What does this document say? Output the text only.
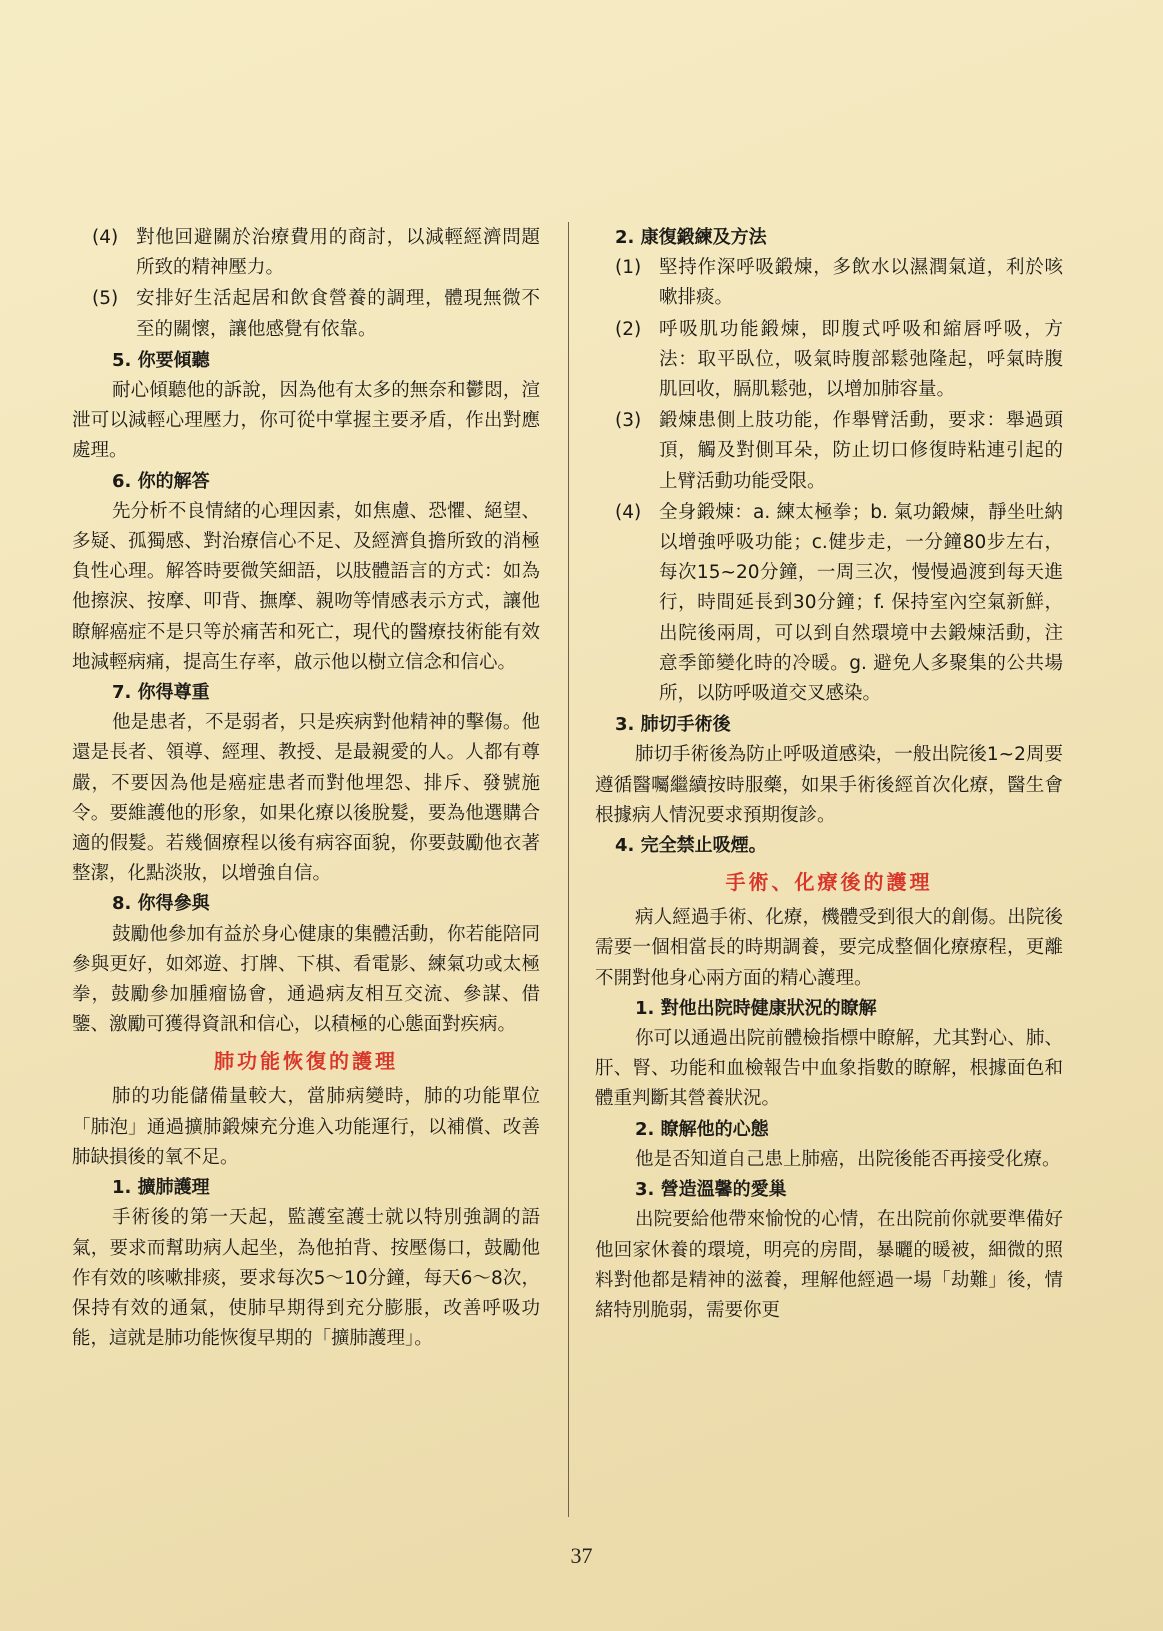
(4) 對他回避關於治療費用的商討，以減輕經濟問題所致的精神壓力。
(5) 安排好生活起居和飲食營養的調理，體現無微不至的關懷，讓他感覺有依靠。

5. 你要傾聽

耐心傾聽他的訴說，因為他有太多的無奈和鬱悶，渲泄可以減輕心理壓力，你可從中掌握主要矛盾，作出對應處理。

6. 你的解答

先分析不良情緒的心理因素，如焦慮、恐懼、絕望、多疑、孤獨感、對治療信心不足、及經濟負擔所致的消極負性心理。解答時要微笑細語，以肢體語言的方式：如為他擦淚、按摩、叩背、撫摩、親吻等情感表示方式，讓他瞭解癌症不是只等於痛苦和死亡，現代的醫療技術能有效地減輕病痛，提高生存率，啟示他以樹立信念和信心。

7. 你得尊重

他是患者，不是弱者，只是疾病對他精神的擊傷。他還是長者、領導、經理、教授、是最親愛的人。人都有尊嚴，不要因為他是癌症患者而對他埋怨、排斥、發號施令。要維護他的形象，如果化療以後脫髮，要為他選購合適的假髮。若幾個療程以後有病容面貌，你要鼓勵他衣著整潔，化點淡妝，以增強自信。

8. 你得參與

鼓勵他參加有益於身心健康的集體活動，你若能陪同參與更好，如郊遊、打牌、下棋、看電影、練氣功或太極拳，鼓勵參加腫瘤協會，通過病友相互交流、參謀、借鑒、激勵可獲得資訊和信心，以積極的心態面對疾病。

肺功能恢復的護理

肺的功能儲備量較大，當肺病變時，肺的功能單位「肺泡」通過擴肺鍛煉充分進入功能運行，以補償、改善肺缺損後的氧不足。

1. 擴肺護理

手術後的第一天起，監護室護士就以特別強調的語氣，要求而幫助病人起坐，為他拍背、按壓傷口，鼓勵他作有效的咳嗽排痰，要求每次5～10分鐘，每天6～8次，保持有效的通氣，使肺早期得到充分膨脹，改善呼吸功能，這就是肺功能恢復早期的「擴肺護理」。

2. 康復鍛練及方法

(1) 堅持作深呼吸鍛煉，多飲水以濕潤氣道，利於咳嗽排痰。
(2) 呼吸肌功能鍛煉，即腹式呼吸和縮唇呼吸，方法：取平臥位，吸氣時腹部鬆弛隆起，呼氣時腹肌回收，膈肌鬆弛，以增加肺容量。
(3) 鍛煉患側上肢功能，作舉臂活動，要求：舉過頭頂，觸及對側耳朵，防止切口修復時粘連引起的上臂活動功能受限。
(4) 全身鍛煉：a. 練太極拳；b. 氣功鍛煉，靜坐吐納以增強呼吸功能；c.健步走，一分鐘80步左右，每次15~20分鐘，一周三次，慢慢過渡到每天進行，時間延長到30分鐘；f. 保持室內空氣新鮮，出院後兩周，可以到自然環境中去鍛煉活動，注意季節變化時的冷暖。g. 避免人多聚集的公共場所，以防呼吸道交叉感染。

3. 肺切手術後

肺切手術後為防止呼吸道感染，一般出院後1~2周要遵循醫囑繼續按時服藥，如果手術後經首次化療，醫生會根據病人情況要求預期復診。

4. 完全禁止吸煙。

手術、化療後的護理

病人經過手術、化療，機體受到很大的創傷。出院後需要一個相當長的時期調養，要完成整個化療療程，更離不開對他身心兩方面的精心護理。

1. 對他出院時健康狀況的瞭解

你可以通過出院前體檢指標中瞭解，尤其對心、肺、肝、腎、功能和血檢報告中血象指數的瞭解，根據面色和體重判斷其營養狀況。

2. 瞭解他的心態

他是否知道自己患上肺癌，出院後能否再接受化療。

3. 營造溫馨的愛巢

出院要給他帶來愉悅的心情，在出院前你就要準備好他回家休養的環境，明亮的房間，暴曬的暖被，細微的照料對他都是精神的滋養，理解他經過一場「劫難」後，情緒特別脆弱，需要你更

37
